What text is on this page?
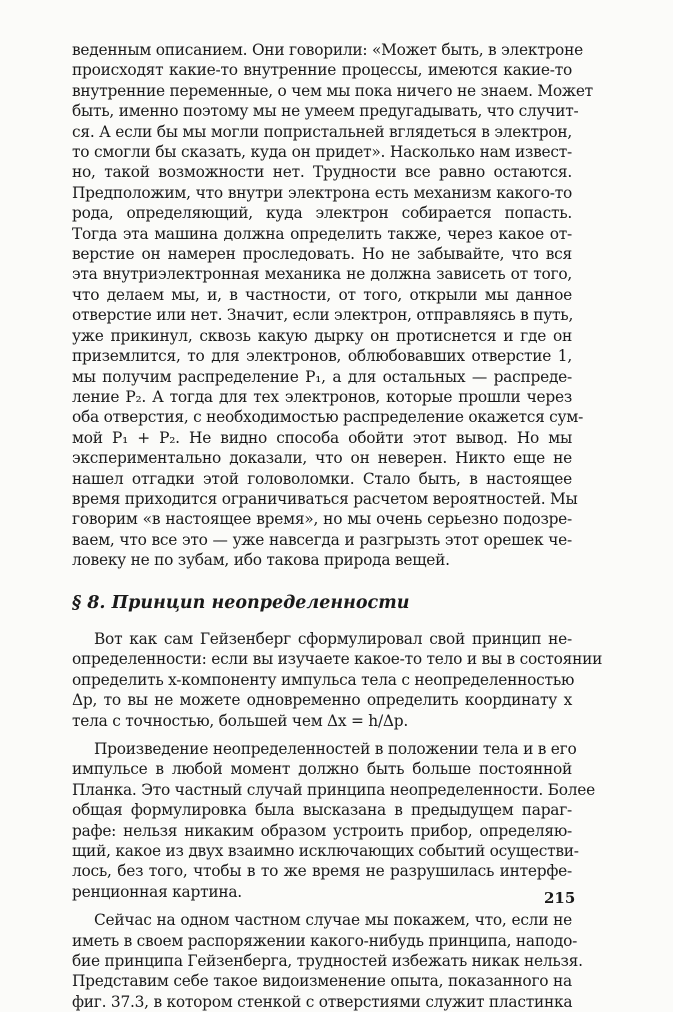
веденным описанием. Они говорили: «Может быть, в электроне
происходят какие-то внутренние процессы, имеются какие-то
внутренние переменные, о чем мы пока ничего не знаем. Может
быть, именно поэтому мы не умеем предугадывать, что случит-
ся. А если бы мы могли попристальней вглядеться в электрон,
то смогли бы сказать, куда он придет». Насколько нам извест-
но, такой возможности нет. Трудности все равно остаются.
Предположим, что внутри электрона есть механизм какого-то
рода, определяющий, куда электрон собирается попасть.
Тогда эта машина должна определить также, через какое от-
верстие он намерен проследовать. Но не забывайте, что вся
эта внутриэлектронная механика не должна зависеть от того,
что делаем мы, и, в частности, от того, открыли мы данное
отверстие или нет. Значит, если электрон, отправляясь в путь,
уже прикинул, сквозь какую дырку он протиснется и где он
приземлится, то для электронов, облюбовавших отверстие 1,
мы получим распределение P₁, а для остальных — распреде-
ление P₂. А тогда для тех электронов, которые прошли через
оба отверстия, с необходимостью распределение окажется сум-
мой P₁ + P₂. Не видно способа обойти этот вывод. Но мы
экспериментально доказали, что он неверен. Никто еще не
нашел отгадки этой головоломки. Стало быть, в настоящее
время приходится ограничиваться расчетом вероятностей. Мы
говорим «в настоящее время», но мы очень серьезно подозре-
ваем, что все это — уже навсегда и разгрызть этот орешек че-
ловеку не по зубам, ибо такова природа вещей.
§ 8. Принцип неопределенности
Вот как сам Гейзенберг сформулировал свой принцип не-
определенности: если вы изучаете какое-то тело и вы в состоянии
определить x-компоненту импульса тела с неопределенностью
Δp, то вы не можете одновременно определить координату x
тела с точностью, большей чем Δx = h/Δp.
Произведение неопределенностей в положении тела и в его
импульсе в любой момент должно быть больше постоянной
Планка. Это частный случай принципа неопределенности. Более
общая формулировка была высказана в предыдущем параг-
рафе: нельзя никаким образом устроить прибор, определяю-
щий, какое из двух взаимно исключающих событий осуществи-
лось, без того, чтобы в то же время не разрушилась интерфе-
ренционная картина.
Сейчас на одном частном случае мы покажем, что, если не
иметь в своем распоряжении какого-нибудь принципа, наподо-
бие принципа Гейзенберга, трудностей избежать никак нельзя.
Представим себе такое видоизменение опыта, показанного на
фиг. 37.3, в котором стенкой с отверстиями служит пластинка
215
